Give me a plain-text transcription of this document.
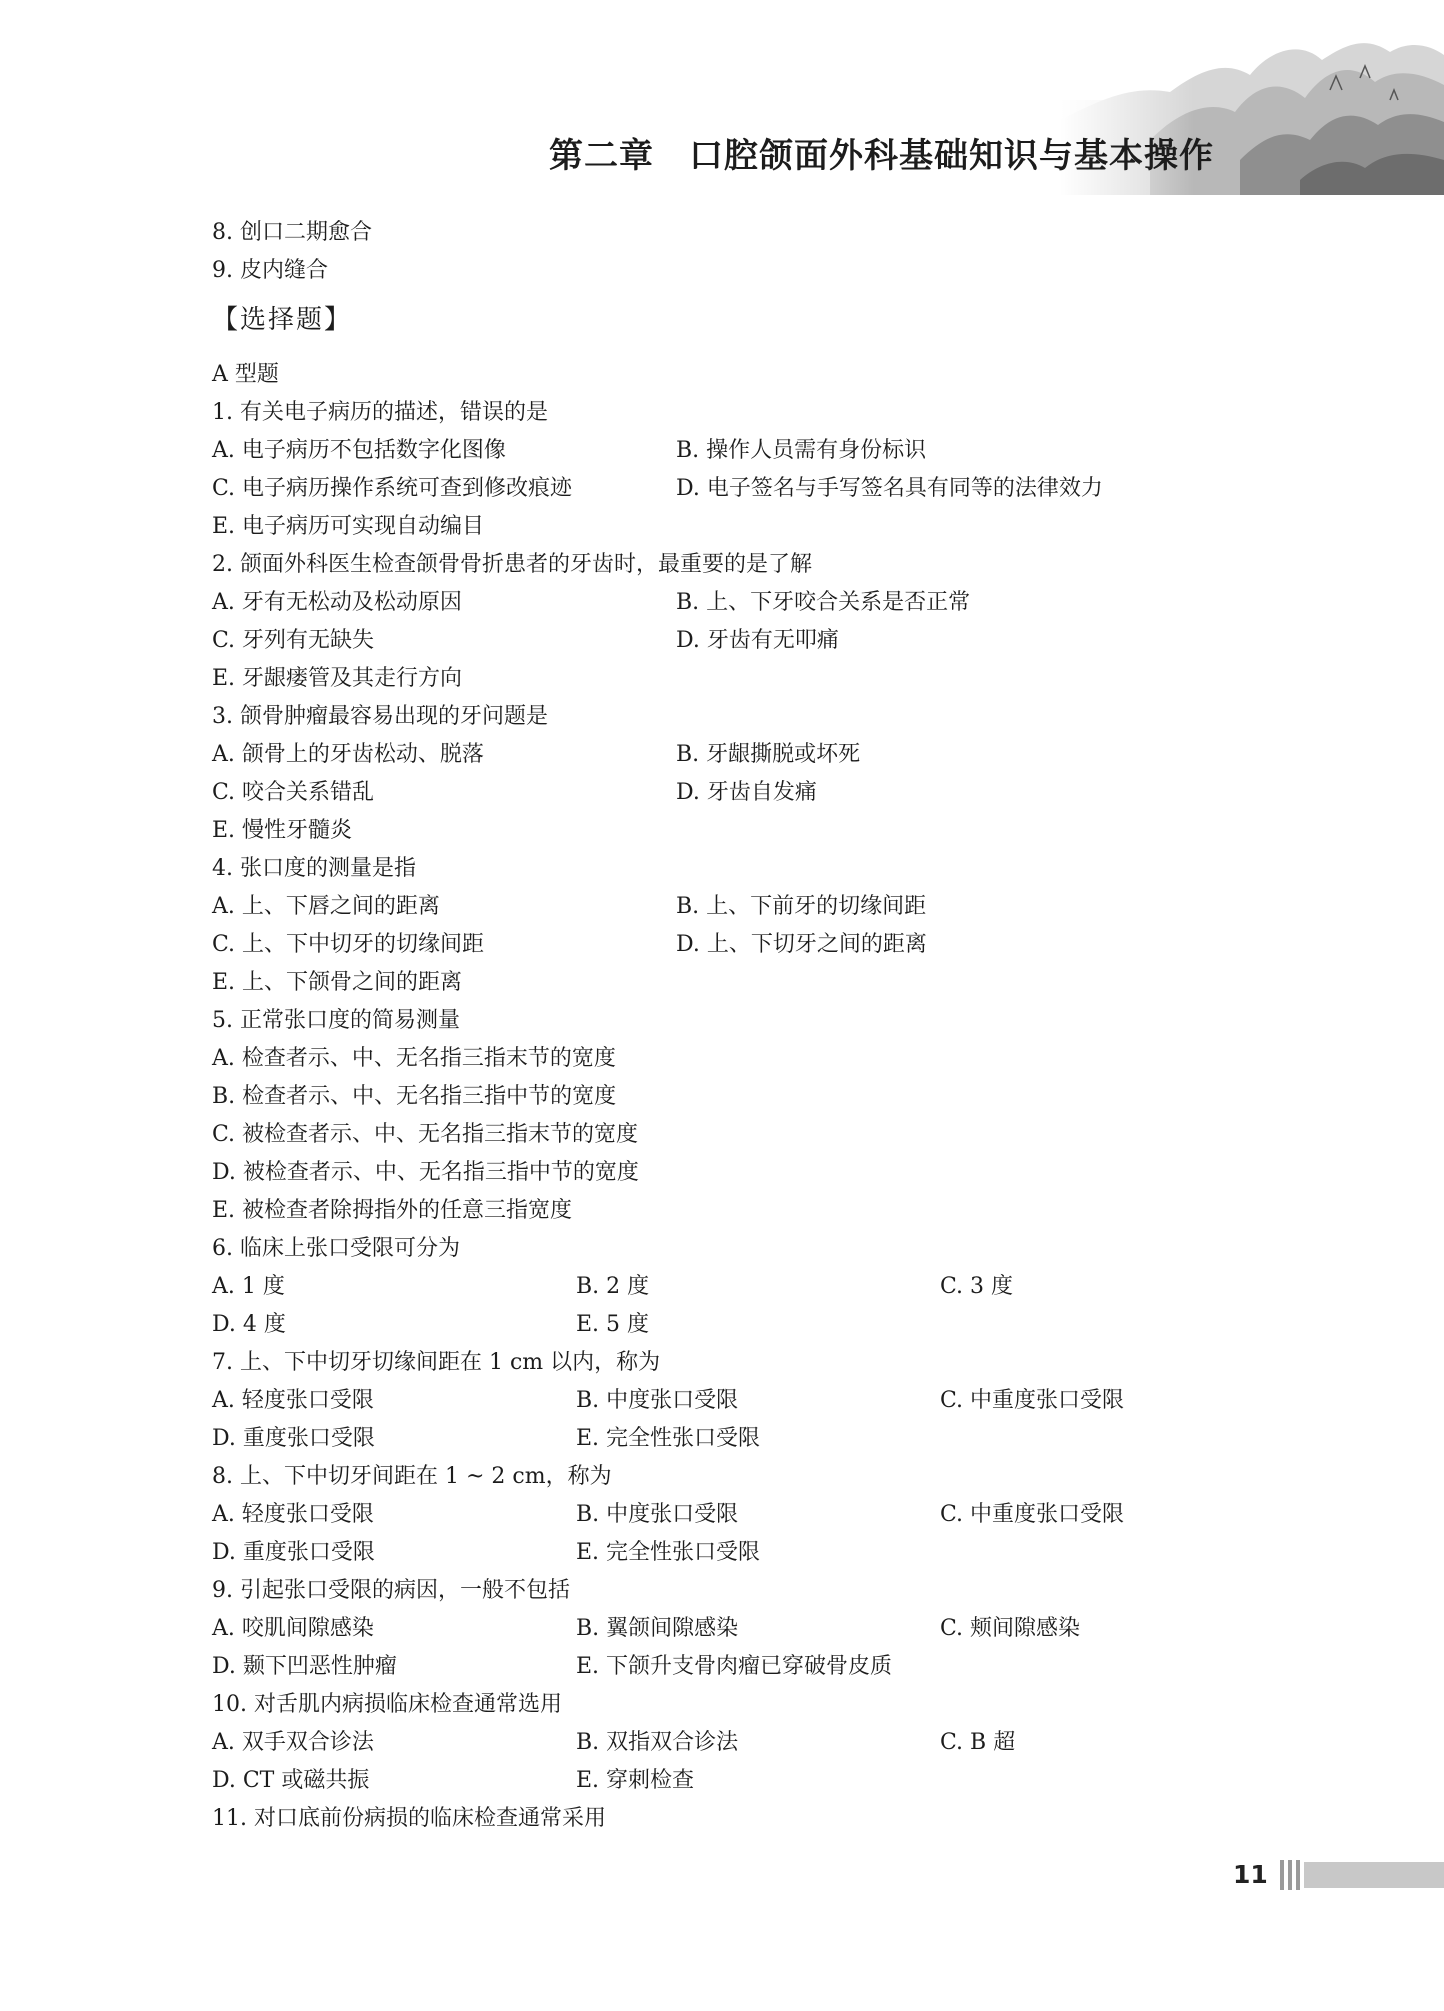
第二章　口腔颌面外科基础知识与基本操作
8. 创口二期愈合
9. 皮内缝合
【选择题】
A 型题
1. 有关电子病历的描述，错误的是
A. 电子病历不包括数字化图像	B. 操作人员需有身份标识
C. 电子病历操作系统可查到修改痕迹	D. 电子签名与手写签名具有同等的法律效力
E. 电子病历可实现自动编目
2. 颌面外科医生检查颌骨骨折患者的牙齿时，最重要的是了解
A. 牙有无松动及松动原因	B. 上、下牙咬合关系是否正常
C. 牙列有无缺失	D. 牙齿有无叩痛
E. 牙龈瘘管及其走行方向
3. 颌骨肿瘤最容易出现的牙问题是
A. 颌骨上的牙齿松动、脱落	B. 牙龈撕脱或坏死
C. 咬合关系错乱	D. 牙齿自发痛
E. 慢性牙髓炎
4. 张口度的测量是指
A. 上、下唇之间的距离	B. 上、下前牙的切缘间距
C. 上、下中切牙的切缘间距	D. 上、下切牙之间的距离
E. 上、下颌骨之间的距离
5. 正常张口度的简易测量
A. 检查者示、中、无名指三指末节的宽度
B. 检查者示、中、无名指三指中节的宽度
C. 被检查者示、中、无名指三指末节的宽度
D. 被检查者示、中、无名指三指中节的宽度
E. 被检查者除拇指外的任意三指宽度
6. 临床上张口受限可分为
A. 1 度	B. 2 度	C. 3 度
D. 4 度	E. 5 度
7. 上、下中切牙切缘间距在 1 cm 以内，称为
A. 轻度张口受限	B. 中度张口受限	C. 中重度张口受限
D. 重度张口受限	E. 完全性张口受限
8. 上、下中切牙间距在 1 ~ 2 cm，称为
A. 轻度张口受限	B. 中度张口受限	C. 中重度张口受限
D. 重度张口受限	E. 完全性张口受限
9. 引起张口受限的病因，一般不包括
A. 咬肌间隙感染	B. 翼颌间隙感染	C. 颊间隙感染
D. 颞下凹恶性肿瘤	E. 下颌升支骨肉瘤已穿破骨皮质
10. 对舌肌内病损临床检查通常选用
A. 双手双合诊法	B. 双指双合诊法	C. B 超
D. CT 或磁共振	E. 穿刺检查
11. 对口底前份病损的临床检查通常采用
11
